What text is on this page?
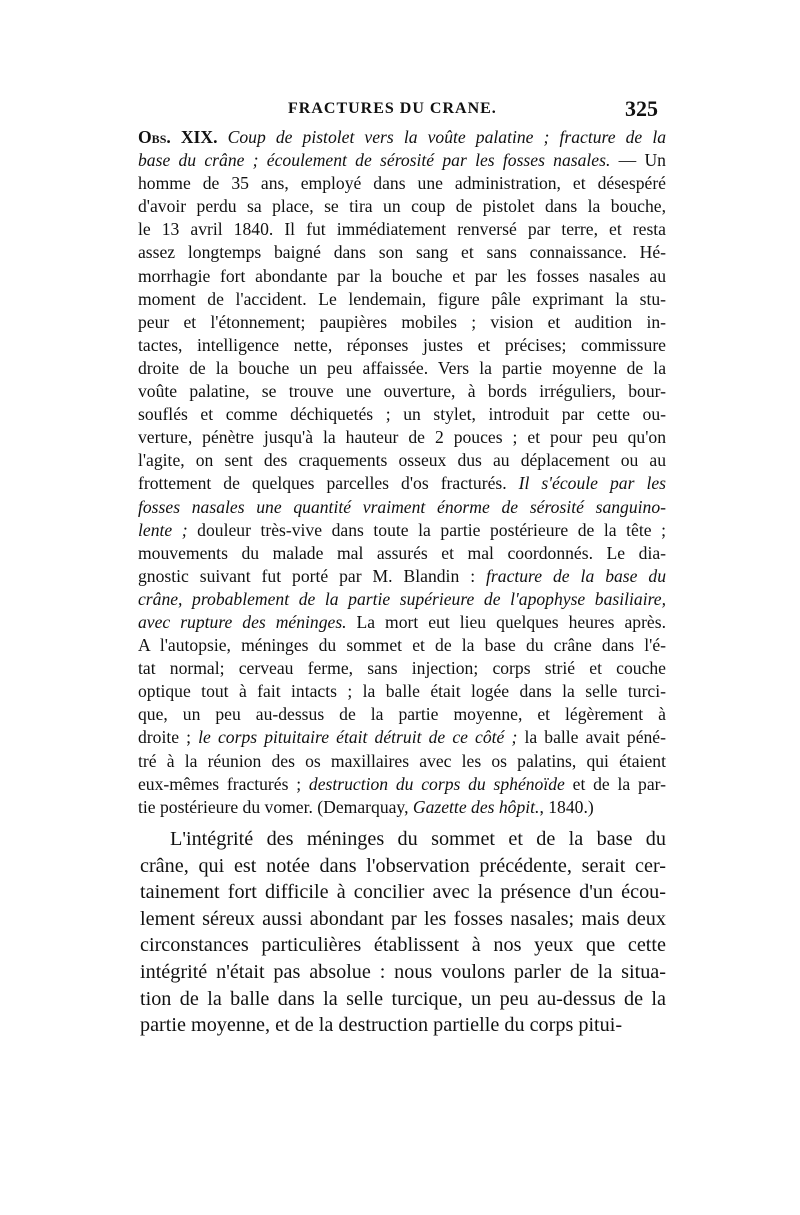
FRACTURES DU CRANE.	325
Obs. XIX. Coup de pistolet vers la voûte palatine ; fracture de la
base du crâne ; écoulement de sérosité par les fosses nasales. — Un
homme de 35 ans, employé dans une administration, et désespéré
d'avoir perdu sa place, se tira un coup de pistolet dans la bouche,
le 13 avril 1840. Il fut immédiatement renversé par terre, et resta
assez longtemps baigné dans son sang et sans connaissance. Hé-
morrhagie fort abondante par la bouche et par les fosses nasales au
moment de l'accident. Le lendemain, figure pâle exprimant la stu-
peur et l'étonnement; paupières mobiles ; vision et audition in-
tactes, intelligence nette, réponses justes et précises; commissure
droite de la bouche un peu affaissée. Vers la partie moyenne de la
voûte palatine, se trouve une ouverture, à bords irréguliers, bour-
souflés et comme déchiquetés ; un stylet, introduit par cette ou-
verture, pénètre jusqu'à la hauteur de 2 pouces ; et pour peu qu'on
l'agite, on sent des craquements osseux dus au déplacement ou au
frottement de quelques parcelles d'os fracturés. Il s'écoule par les
fosses nasales une quantité vraiment énorme de sérosité sanguino-
lente ; douleur très-vive dans toute la partie postérieure de la tête ;
mouvements du malade mal assurés et mal coordonnés. Le dia-
gnostic suivant fut porté par M. Blandin : fracture de la base du
crâne, probablement de la partie supérieure de l'apophyse basiliaire,
avec rupture des méninges. La mort eut lieu quelques heures après.
A l'autopsie, méninges du sommet et de la base du crâne dans l'é-
tat normal; cerveau ferme, sans injection; corps strié et couche
optique tout à fait intacts ; la balle était logée dans la selle turci-
que, un peu au-dessus de la partie moyenne, et légèrement à
droite ; le corps pituitaire était détruit de ce côté ; la balle avait péné-
tré à la réunion des os maxillaires avec les os palatins, qui étaient
eux-mêmes fracturés ; destruction du corps du sphénoïde et de la par-
tie postérieure du vomer. (Demarquay, Gazette des hôpit., 1840.)
L'intégrité des méninges du sommet et de la base du
crâne, qui est notée dans l'observation précédente, serait cer-
tainement fort difficile à concilier avec la présence d'un écou-
lement séreux aussi abondant par les fosses nasales; mais deux
circonstances particulières établissent à nos yeux que cette
intégrité n'était pas absolue : nous voulons parler de la situa-
tion de la balle dans la selle turcique, un peu au-dessus de la
partie moyenne, et de la destruction partielle du corps pitui-
